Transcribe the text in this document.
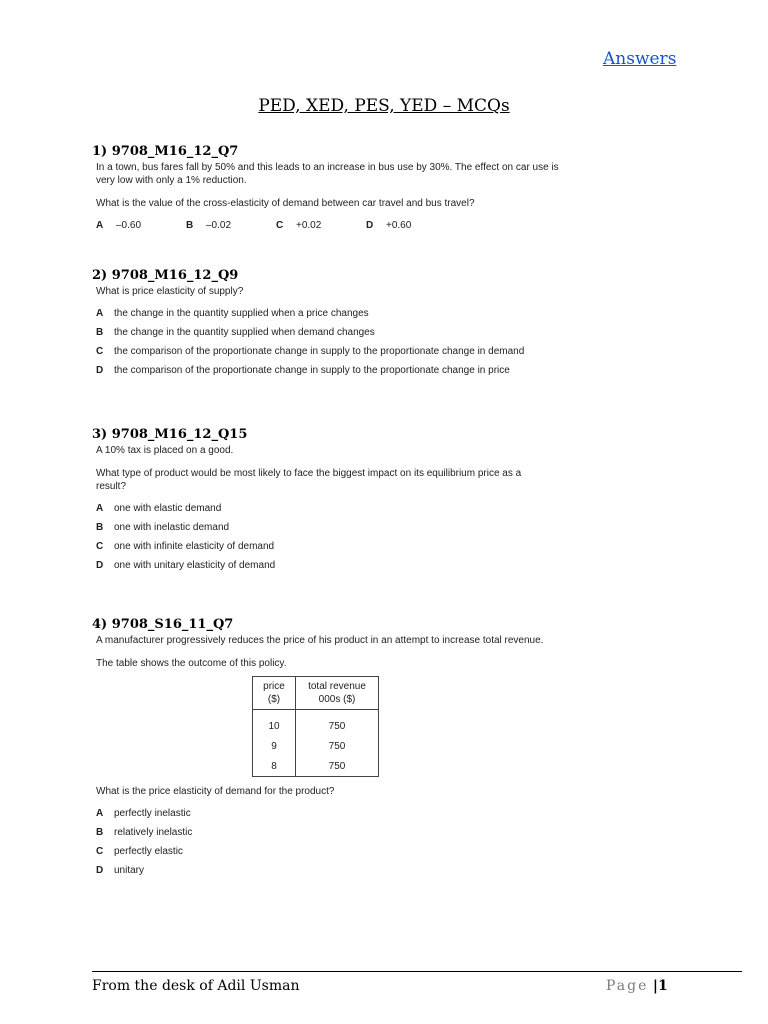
Answers
PED, XED, PES, YED – MCQs
1) 9708_M16_12_Q7
In a town, bus fares fall by 50% and this leads to an increase in bus use by 30%. The effect on car use is very low with only a 1% reduction.
What is the value of the cross-elasticity of demand between car travel and bus travel?
A	–0.60	B	–0.02	C	+0.02	D	+0.60
2) 9708_M16_12_Q9
What is price elasticity of supply?
A	the change in the quantity supplied when a price changes
B	the change in the quantity supplied when demand changes
C	the comparison of the proportionate change in supply to the proportionate change in demand
D	the comparison of the proportionate change in supply to the proportionate change in price
3) 9708_M16_12_Q15
A 10% tax is placed on a good.
What type of product would be most likely to face the biggest impact on its equilibrium price as a result?
A	one with elastic demand
B	one with inelastic demand
C	one with infinite elasticity of demand
D	one with unitary elasticity of demand
4) 9708_S16_11_Q7
A manufacturer progressively reduces the price of his product in an attempt to increase total revenue.
The table shows the outcome of this policy.
price ($)	total revenue 000s ($)
10	750
9	750
8	750
What is the price elasticity of demand for the product?
A	perfectly inelastic
B	relatively inelastic
C	perfectly elastic
D	unitary
From the desk of Adil Usman	Page |1
